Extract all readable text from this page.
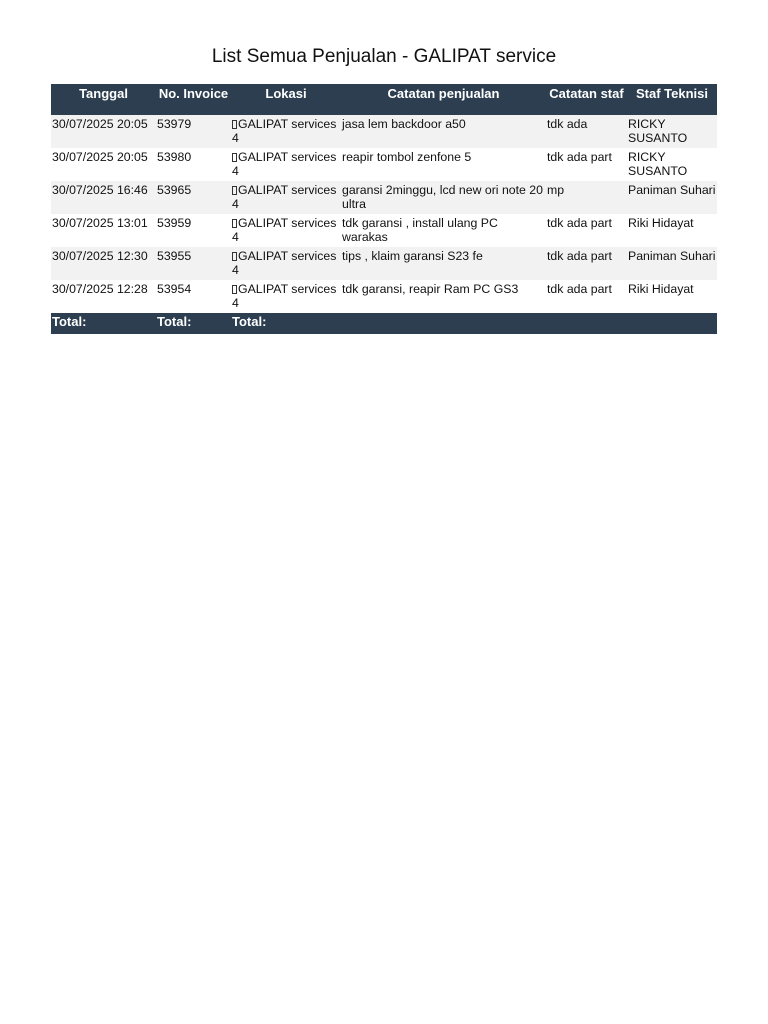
List Semua Penjualan - GALIPAT service
Tanggal	No. Invoice	Lokasi	Catatan penjualan	Catatan staf	Staf Teknisi
30/07/2025 20:05	53979	GALIPAT services 4	jasa lem backdoor a50	tdk ada	RICKY SUSANTO
30/07/2025 20:05	53980	GALIPAT services 4	reapir tombol zenfone 5	tdk ada part	RICKY SUSANTO
30/07/2025 16:46	53965	GALIPAT services 4	garansi 2minggu, lcd new ori note 20 ultra	mp	Paniman Suhari
30/07/2025 13:01	53959	GALIPAT services 4	tdk garansi , install ulang PC warakas	tdk ada part	Riki Hidayat
30/07/2025 12:30	53955	GALIPAT services 4	tips , klaim garansi S23 fe	tdk ada part	Paniman Suhari
30/07/2025 12:28	53954	GALIPAT services 4	tdk garansi, reapir Ram PC GS3	tdk ada part	Riki Hidayat
Total:	Total:	Total:			
